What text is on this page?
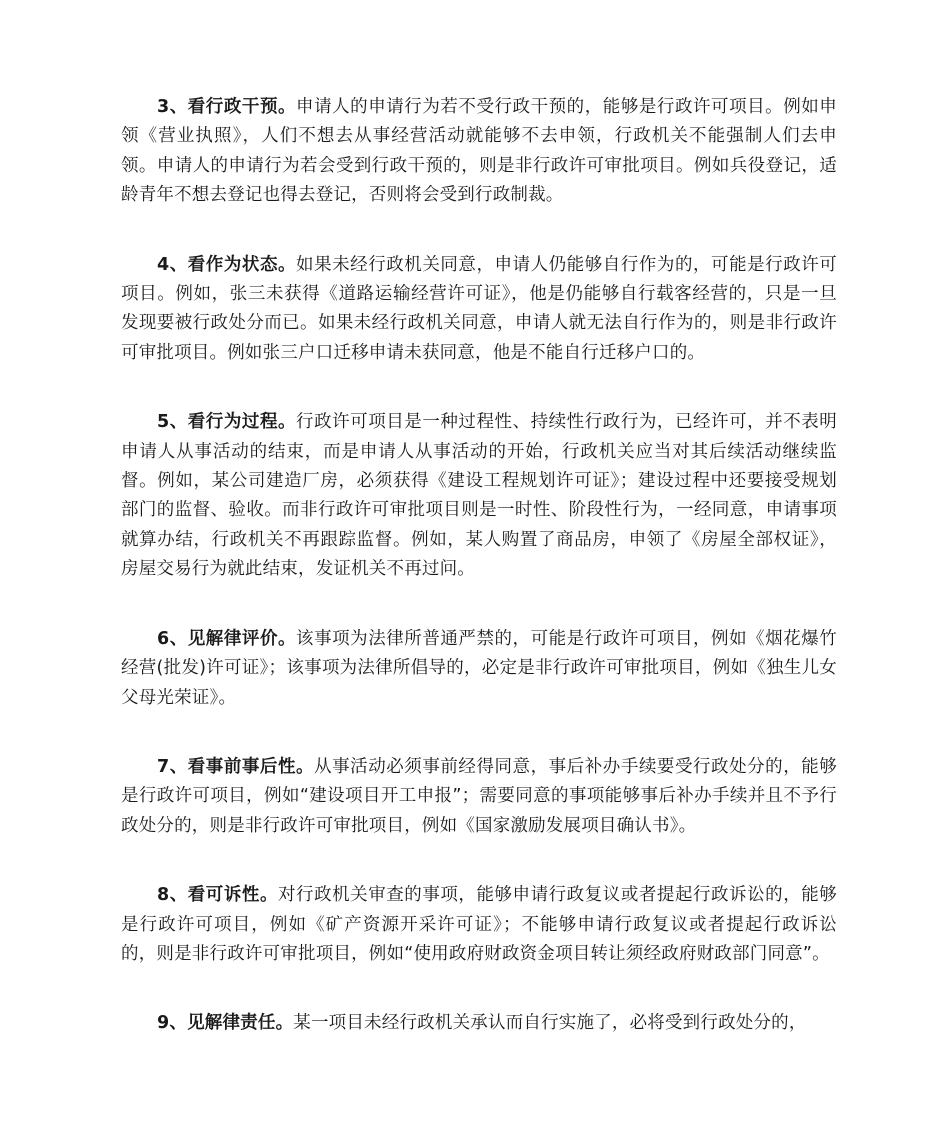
3、看行政干预。申请人的申请行为若不受行政干预的，能够是行政许可项目。例如申领《营业执照》，人们不想去从事经营活动就能够不去申领，行政机关不能强制人们去申领。申请人的申请行为若会受到行政干预的，则是非行政许可审批项目。例如兵役登记，适龄青年不想去登记也得去登记，否则将会受到行政制裁。

4、看作为状态。如果未经行政机关同意，申请人仍能够自行作为的，可能是行政许可项目。例如，张三未获得《道路运输经营许可证》，他是仍能够自行载客经营的，只是一旦发现要被行政处分而已。如果未经行政机关同意，申请人就无法自行作为的，则是非行政许可审批项目。例如张三户口迁移申请未获同意，他是不能自行迁移户口的。

5、看行为过程。行政许可项目是一种过程性、持续性行政行为，已经许可，并不表明申请人从事活动的结束，而是申请人从事活动的开始，行政机关应当对其后续活动继续监督。例如，某公司建造厂房，必须获得《建设工程规划许可证》；建设过程中还要接受规划部门的监督、验收。而非行政许可审批项目则是一时性、阶段性行为，一经同意，申请事项就算办结，行政机关不再跟踪监督。例如，某人购置了商品房，申领了《房屋全部权证》，房屋交易行为就此结束，发证机关不再过问。

6、见解律评价。该事项为法律所普通严禁的，可能是行政许可项目，例如《烟花爆竹经营(批发)许可证》；该事项为法律所倡导的，必定是非行政许可审批项目，例如《独生儿女父母光荣证》。

7、看事前事后性。从事活动必须事前经得同意，事后补办手续要受行政处分的，能够是行政许可项目，例如“建设项目开工申报”；需要同意的事项能够事后补办手续并且不予行政处分的，则是非行政许可审批项目，例如《国家激励发展项目确认书》。

8、看可诉性。对行政机关审查的事项，能够申请行政复议或者提起行政诉讼的，能够是行政许可项目，例如《矿产资源开采许可证》；不能够申请行政复议或者提起行政诉讼的，则是非行政许可审批项目，例如“使用政府财政资金项目转让须经政府财政部门同意”。

9、见解律责任。某一项目未经行政机关承认而自行实施了，必将受到行政处分的，
